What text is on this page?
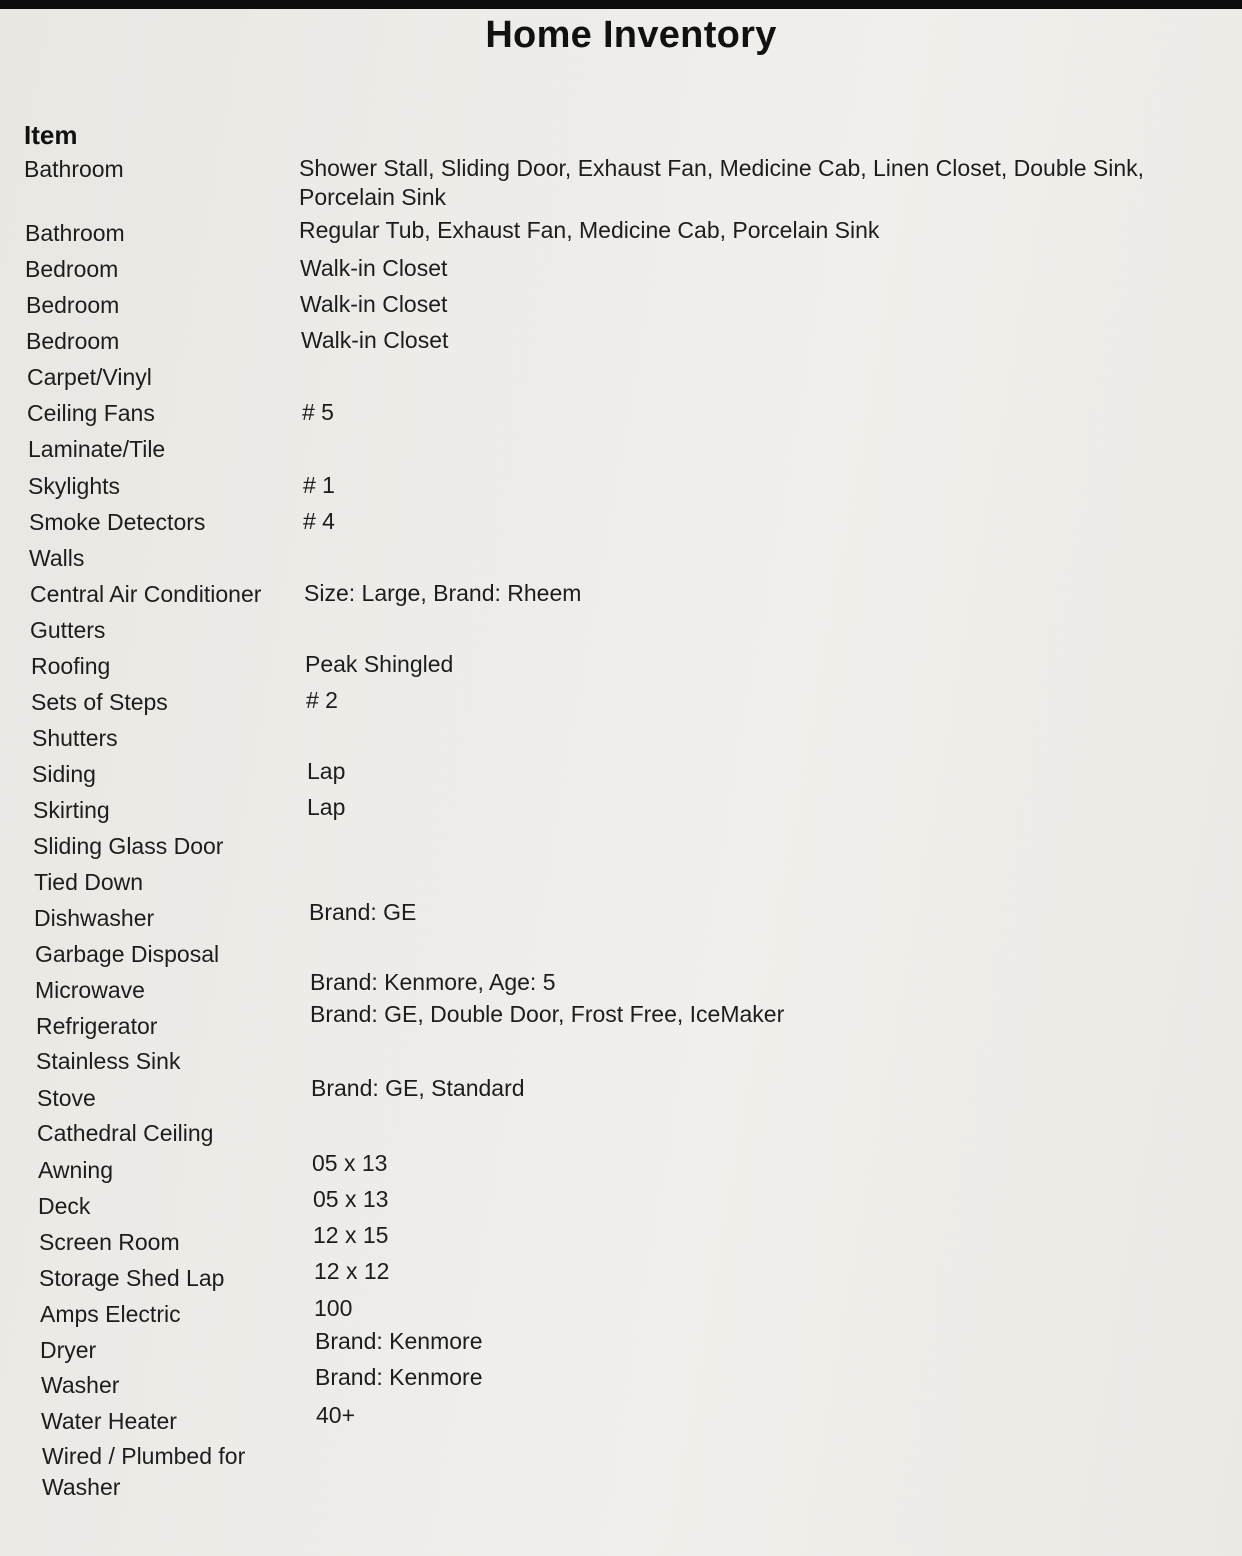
Home Inventory
Item
Bathroom	Shower Stall, Sliding Door, Exhaust Fan, Medicine Cab, Linen Closet, Double Sink, Porcelain Sink
Bathroom	Regular Tub, Exhaust Fan, Medicine Cab, Porcelain Sink
Bedroom	Walk-in Closet
Bedroom	Walk-in Closet
Bedroom	Walk-in Closet
Carpet/Vinyl
Ceiling Fans	# 5
Laminate/Tile
Skylights	# 1
Smoke Detectors	# 4
Walls
Central Air Conditioner	Size: Large, Brand: Rheem
Gutters
Roofing	Peak Shingled
Sets of Steps	# 2
Shutters
Siding	Lap
Skirting	Lap
Sliding Glass Door
Tied Down
Dishwasher	Brand: GE
Garbage Disposal
Microwave	Brand: Kenmore, Age: 5
Refrigerator	Brand: GE, Double Door, Frost Free, IceMaker
Stainless Sink
Stove	Brand: GE, Standard
Cathedral Ceiling
Awning	05 x 13
Deck	05 x 13
Screen Room	12 x 15
Storage Shed Lap	12 x 12
Amps Electric	100
Dryer	Brand: Kenmore
Washer	Brand: Kenmore
Water Heater	40+
Wired / Plumbed for Washer
